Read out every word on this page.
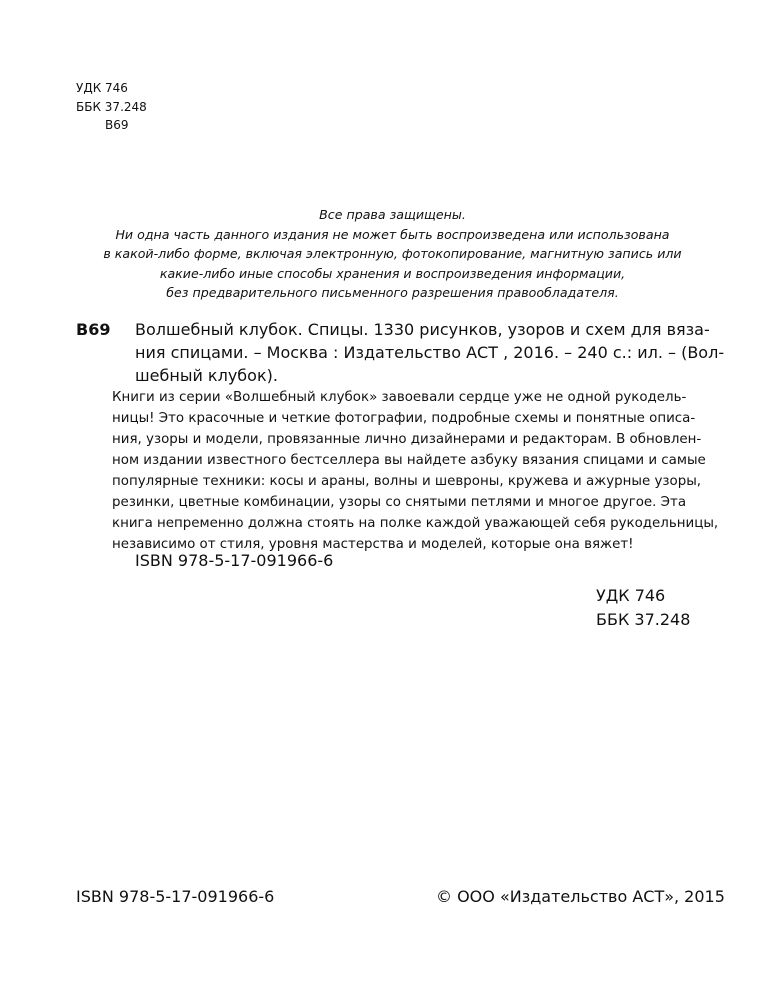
УДК 746
ББК 37.248
В69
Все права защищены.
Ни одна часть данного издания не может быть воспроизведена или использована
в какой-либо форме, включая электронную, фотокопирование, магнитную запись или
какие-либо иные способы хранения и воспроизведения информации,
без предварительного письменного разрешения правообладателя.
В69 Волшебный клубок. Спицы. 1330 рисунков, узоров и схем для вяза-
ния спицами. – Москва : Издательство АСТ , 2016. – 240 с.: ил. – (Вол-
шебный клубок).
Книги из серии «Волшебный клубок» завоевали сердце уже не одной рукодель-
ницы! Это красочные и четкие фотографии, подробные схемы и понятные описа-
ния, узоры и модели, провязанные лично дизайнерами и редакторам. В обновлен-
ном издании известного бестселлера вы найдете азбуку вязания спицами и самые
популярные техники: косы и араны, волны и шевроны, кружева и ажурные узоры,
резинки, цветные комбинации, узоры со снятыми петлями и многое другое. Эта
книга непременно должна стоять на полке каждой уважающей себя рукодельницы,
независимо от стиля, уровня мастерства и моделей, которые она вяжет!
ISBN 978-5-17-091966-6
УДК 746
ББК 37.248
ISBN 978-5-17-091966-6	© ООО «Издательство АСТ», 2015
